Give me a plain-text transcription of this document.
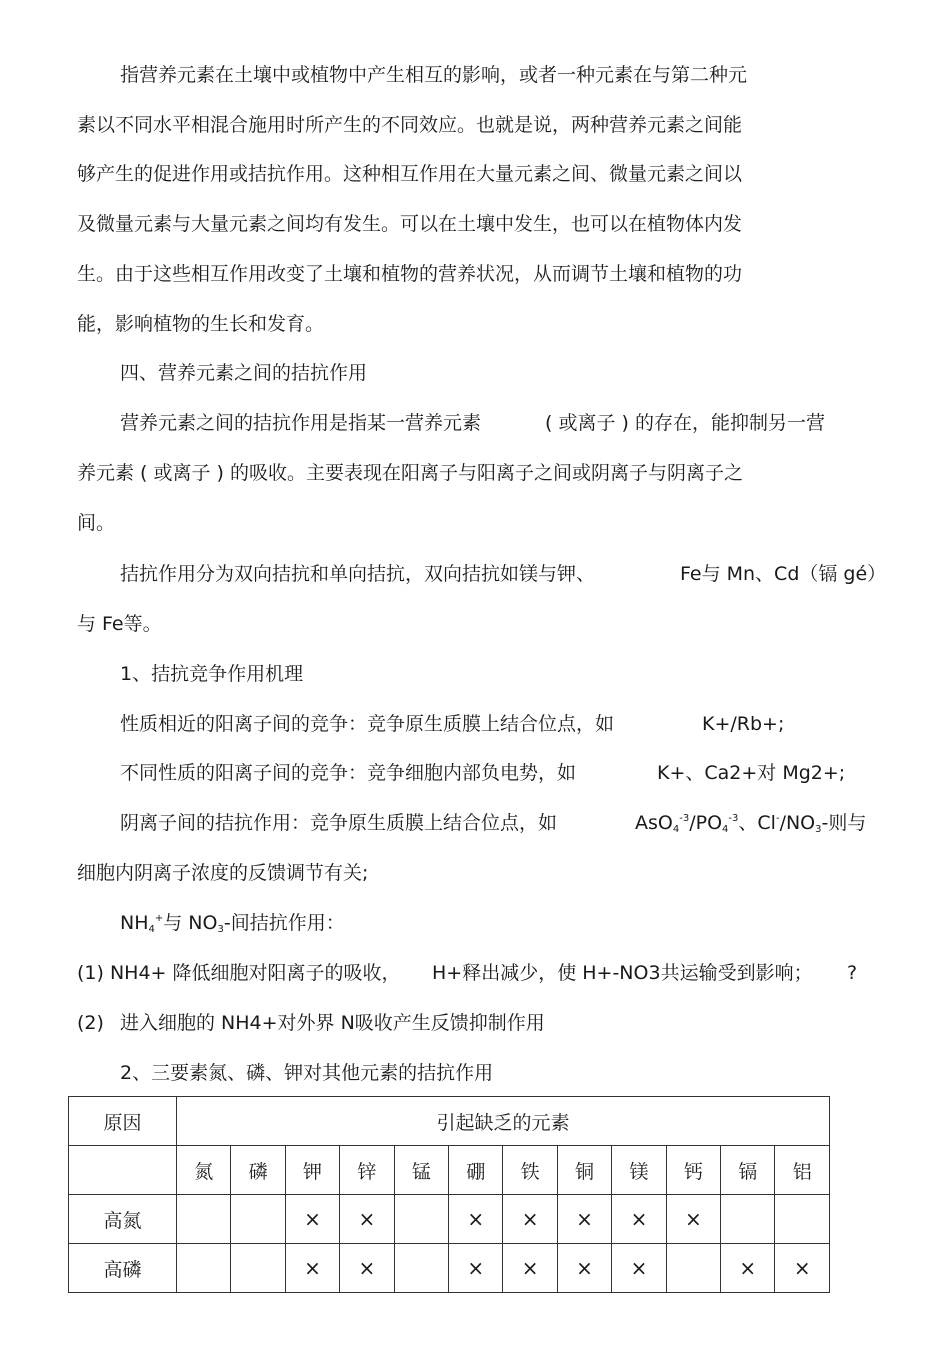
指营养元素在土壤中或植物中产生相互的影响，或者一种元素在与第二种元
素以不同水平相混合施用时所产生的不同效应。也就是说，两种营养元素之间能
够产生的促进作用或拮抗作用。这种相互作用在大量元素之间、微量元素之间以
及微量元素与大量元素之间均有发生。可以在土壤中发生，也可以在植物体内发
生。由于这些相互作用改变了土壤和植物的营养状况，从而调节土壤和植物的功
能，影响植物的生长和发育。
四、营养元素之间的拮抗作用
营养元素之间的拮抗作用是指某一营养元素	( 或离子 ) 的存在，能抑制另一营
养元素 ( 或离子 ) 的吸收。主要表现在阳离子与阳离子之间或阴离子与阴离子之
间。
拮抗作用分为双向拮抗和单向拮抗，双向拮抗如镁与钾、	Fe与 Mn、Cd（镉 gé）
与 Fe等。
1、拮抗竞争作用机理
性质相近的阳离子间的竞争：竞争原生质膜上结合位点，如	K+/Rb+;
不同性质的阳离子间的竞争：竞争细胞内部负电势，如	K+、Ca2+对 Mg2+;
阴离子间的拮抗作用：竞争原生质膜上结合位点，如	$AsO_4^{-3}/PO_4^{-3}$、$Cl^-/NO_3-$则与
细胞内阴离子浓度的反馈调节有关;
$NH_4^+$与 $NO_3-$间拮抗作用：
(1) NH4+ 降低细胞对阳离子的吸收， H+释出减少，使 H+-NO3共运输受到影响； ?
(2) 进入细胞的 NH4+对外界 N吸收产生反馈抑制作用
2、三要素氮、磷、钾对其他元素的拮抗作用
原因	引起缺乏的元素											
	氮	磷	钾	锌	锰	硼	铁	铜	镁	钙	镉	铝
高氮			×	×		×	×	×	×	×		
高磷			×	×		×	×	×	×		×	×
